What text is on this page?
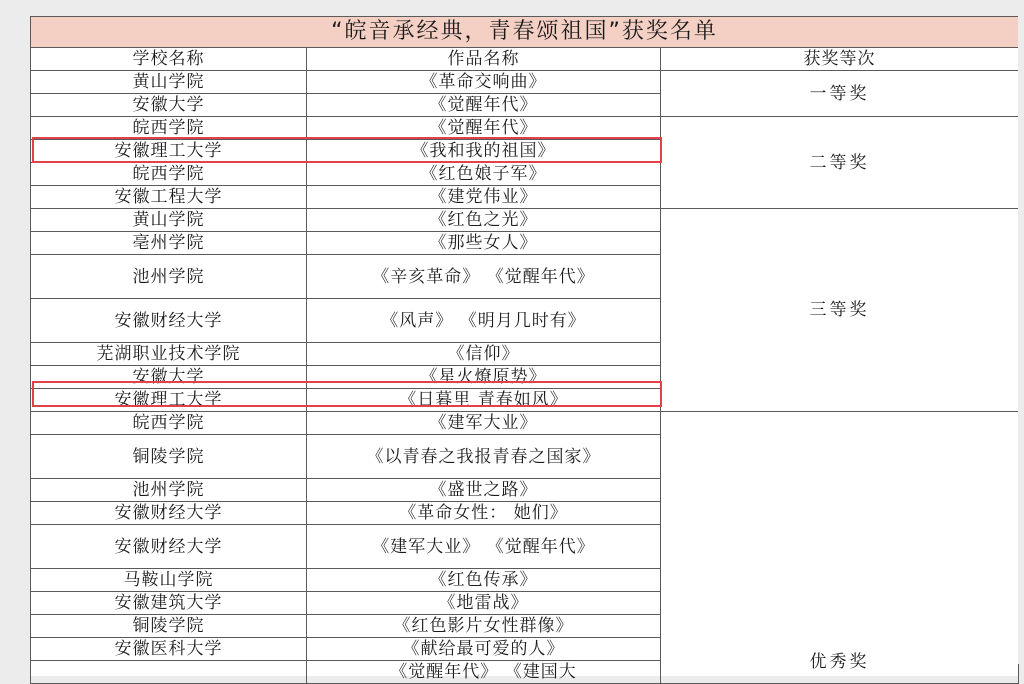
“皖音承经典，青春颂祖国”获奖名单		
学校名称	作品名称	获奖等次
黄山学院	《革命交响曲》	一等奖
安徽大学	《觉醒年代》	
皖西学院	《觉醒年代》	二等奖
安徽理工大学	《我和我的祖国》	
皖西学院	《红色娘子军》	
安徽工程大学	《建党伟业》	
黄山学院	《红色之光》	三等奖
亳州学院	《那些女人》	
池州学院	《辛亥革命》 《觉醒年代》	
安徽财经大学	《风声》 《明月几时有》	
芜湖职业技术学院	《信仰》	
安徽大学	《星火燎原势》	
安徽理工大学	《日暮里 青春如风》	
皖西学院	《建军大业》	优秀奖
铜陵学院	《以青春之我报青春之国家》	
池州学院	《盛世之路》	
安徽财经大学	《革命女性： 她们》	
安徽财经大学	《建军大业》 《觉醒年代》	
马鞍山学院	《红色传承》	
安徽建筑大学	《地雷战》	
铜陵学院	《红色影片女性群像》	
安徽医科大学	《献给最可爱的人》	
	《觉醒年代》 《建国大	
